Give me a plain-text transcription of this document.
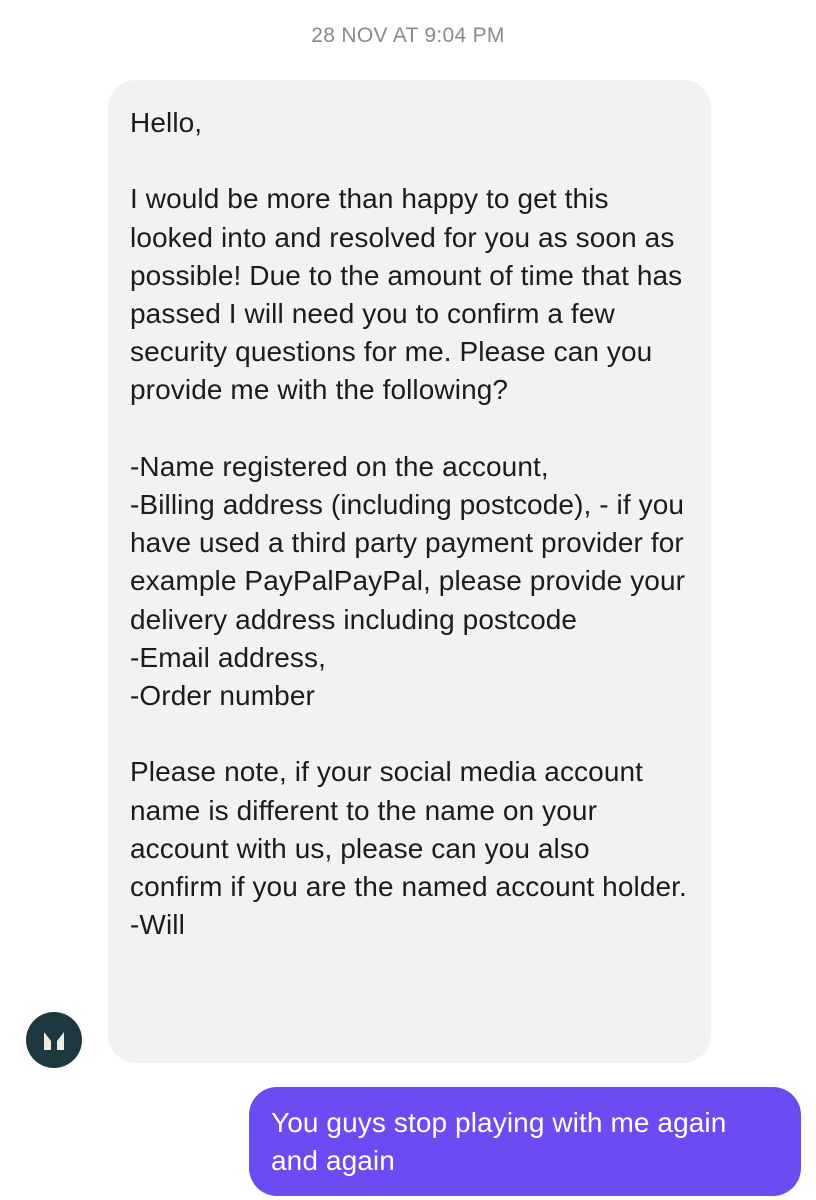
28 NOV AT 9:04 PM

Hello,

I would be more than happy to get this looked into and resolved for you as soon as possible! Due to the amount of time that has passed I will need you to confirm a few security questions for me. Please can you provide me with the following?

-Name registered on the account,

-Billing address (including postcode), - if you have used a third party payment provider for example PayPalPayPal, please provide your delivery address including postcode

-Email address,

-Order number

Please note, if your social media account name is different to the name on your account with us, please can you also confirm if you are the named account holder. -Will

You guys stop playing with me again and again
